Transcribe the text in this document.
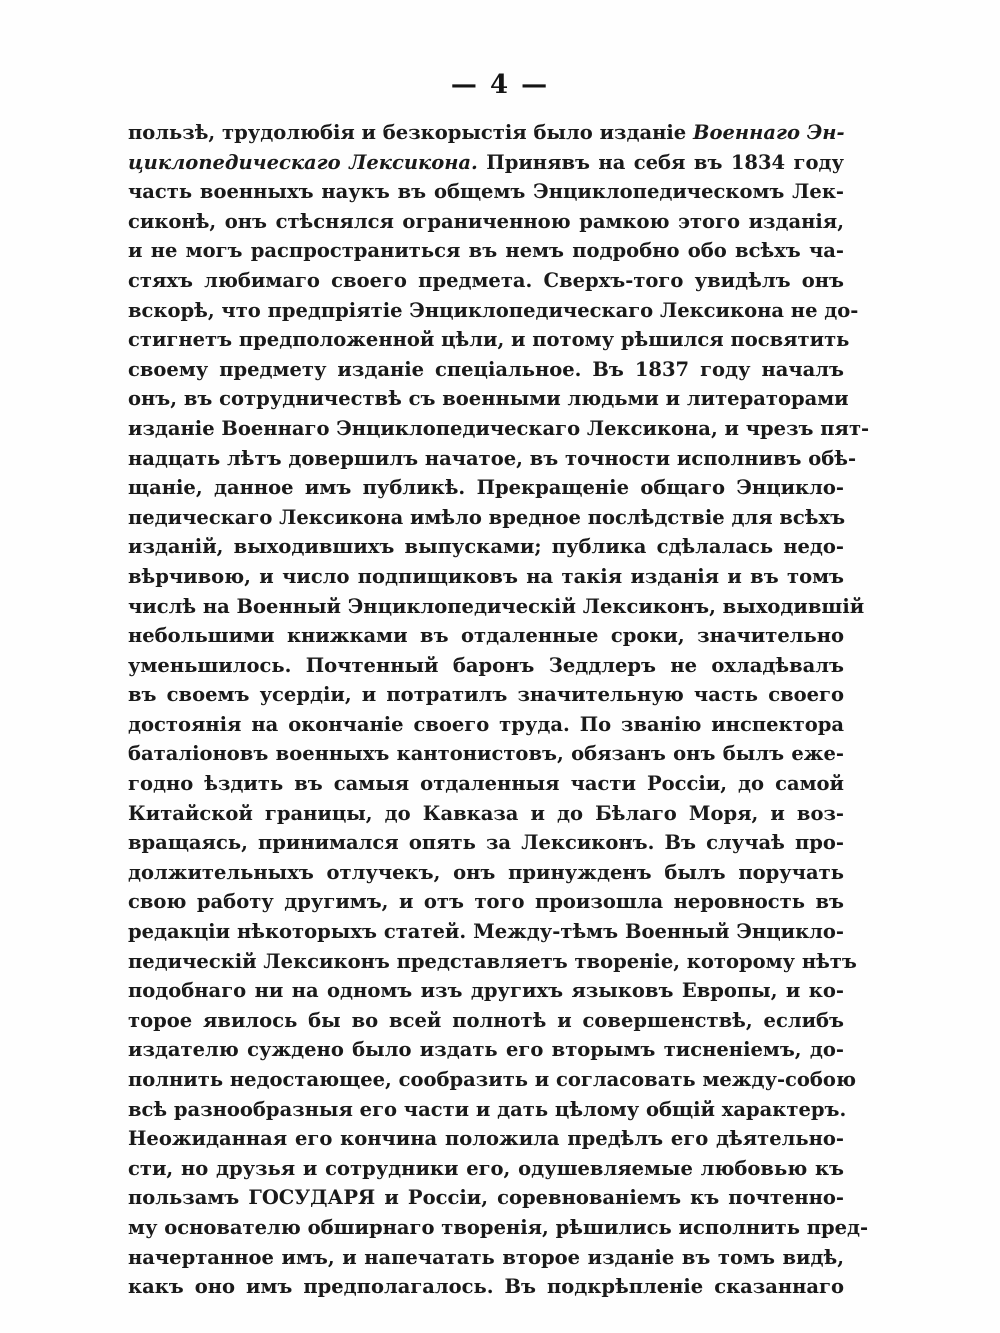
— 4 —
пользѣ, трудолюбія и безкорыстія было изданіе Военнаго Эн-
циклопедическаго Лексикона. Принявъ на себя въ 1834 году
часть военныхъ наукъ въ общемъ Энциклопедическомъ Лек-
сиконѣ, онъ стѣснялся ограниченною рамкою этого изданія,
и не могъ распространиться въ немъ подробно обо всѣхъ ча-
стяхъ любимаго своего предмета. Сверхъ-того увидѣлъ онъ
вскорѣ, что предпріятіе Энциклопедическаго Лексикона не до-
стигнетъ предположенной цѣли, и потому рѣшился посвятить
своему предмету изданіе спеціальное. Въ 1837 году началъ
онъ, въ сотрудничествѣ съ военными людьми и литераторами
изданіе Военнаго Энциклопедическаго Лексикона, и чрезъ пят-
надцать лѣтъ довершилъ начатое, въ точности исполнивъ обѣ-
щаніе, данное имъ публикѣ. Прекращеніе общаго Энцикло-
педическаго Лексикона имѣло вредное послѣдствіе для всѣхъ
изданій, выходившихъ выпусками; публика сдѣлалась недо-
вѣрчивою, и число подпищиковъ на такія изданія и въ томъ
числѣ на Военный Энциклопедическій Лексиконъ, выходившій
небольшими книжками въ отдаленные сроки, значительно
уменьшилось. Почтенный баронъ Зеддлеръ не охладѣвалъ
въ своемъ усердіи, и потратилъ значительную часть своего
достоянія на окончаніе своего труда. По званію инспектора
баталіоновъ военныхъ кантонистовъ, обязанъ онъ былъ еже-
годно ѣздить въ самыя отдаленныя части Россіи, до самой
Китайской границы, до Кавказа и до Бѣлаго Моря, и воз-
вращаясь, принимался опять за Лексиконъ. Въ случаѣ про-
должительныхъ отлучекъ, онъ принужденъ былъ поручать
свою работу другимъ, и отъ того произошла неровность въ
редакціи нѣкоторыхъ статей. Между-тѣмъ Военный Энцикло-
педическій Лексиконъ представляетъ твореніе, которому нѣтъ
подобнаго ни на одномъ изъ другихъ языковъ Европы, и ко-
торое явилось бы во всей полнотѣ и совершенствѣ, еслибъ
издателю суждено было издать его вторымъ тисненіемъ, до-
полнить недостающее, сообразить и согласовать между-собою
всѣ разнообразныя его части и дать цѣлому общій характеръ.
Неожиданная его кончина положила предѣлъ его дѣятельно-
сти, но друзья и сотрудники его, одушевляемые любовью къ
пользамъ ГОСУДАРЯ и Россіи, соревнованіемъ къ почтенно-
му основателю обширнаго творенія, рѣшились исполнить пред-
начертанное имъ, и напечатать второе изданіе въ томъ видѣ,
какъ оно имъ предполагалось. Въ подкрѣпленіе сказаннаго
